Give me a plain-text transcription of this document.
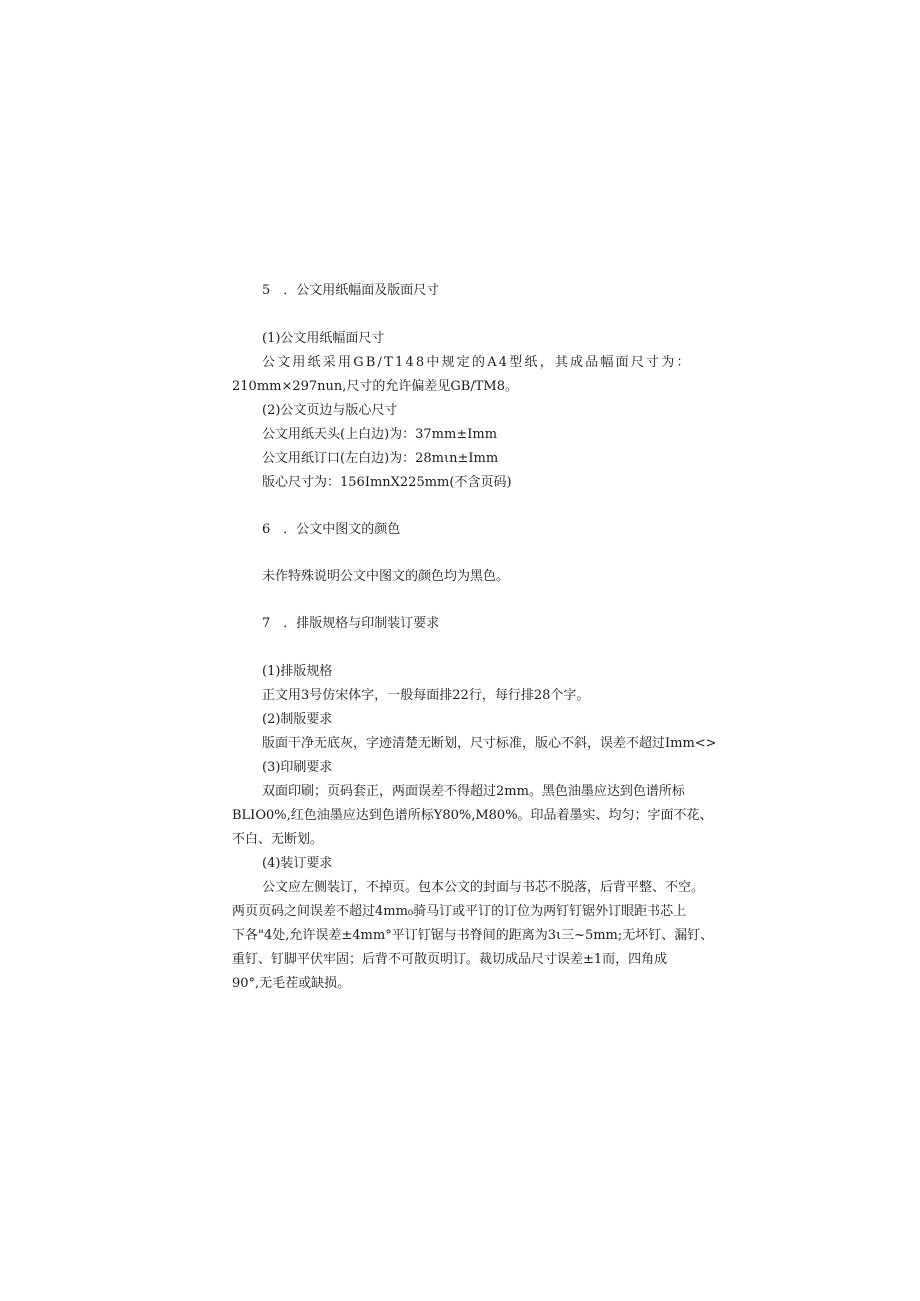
5　．公文用纸幅面及版面尺寸
(1)公文用纸幅面尺寸
公文用纸采用GB/T148中规定的A4型纸，其成品幅面尺寸为：
210mm×297nun,尺寸的允许偏差见GB/TM8。
(2)公文页边与版心尺寸
公文用纸天头(上白边)为：37mm±Imm
公文用纸订口(左白边)为：28mιn±Imm
版心尺寸为：156ImnX225mm(不含页码)
6　．公文中图文的颜色
未作特殊说明公文中图文的颜色均为黑色。
7　．排版规格与印制装订要求
(1)排版规格
正文用3号仿宋体字，一般每面排22行，每行排28个字。
(2)制版要求
版面干净无底灰，字迹清楚无断划，尺寸标准，版心不斜，误差不超过Imm<>
(3)印刷要求
双面印刷；页码套正，两面误差不得超过2mm。黑色油墨应达到色谱所标
BLIO0%,红色油墨应达到色谱所标Y80%,M80%。印品着墨实、均匀；字面不花、
不白、无断划。
(4)装订要求
公文应左侧装订，不掉页。包本公文的封面与书芯不脱落，后背平整、不空。
两页页码之间误差不超过4mm₀骑马订或平订的订位为两钉钉锯外订眼距书芯上
下各"4处,允许误差±4mm°平订钉锯与书脊间的距离为3ι三~5mm;无坏钉、漏钉、
重钉、钉脚平伏牢固；后背不可散页明订。裁切成品尺寸误差±1而，四角成
90°,无毛茬或缺损。
